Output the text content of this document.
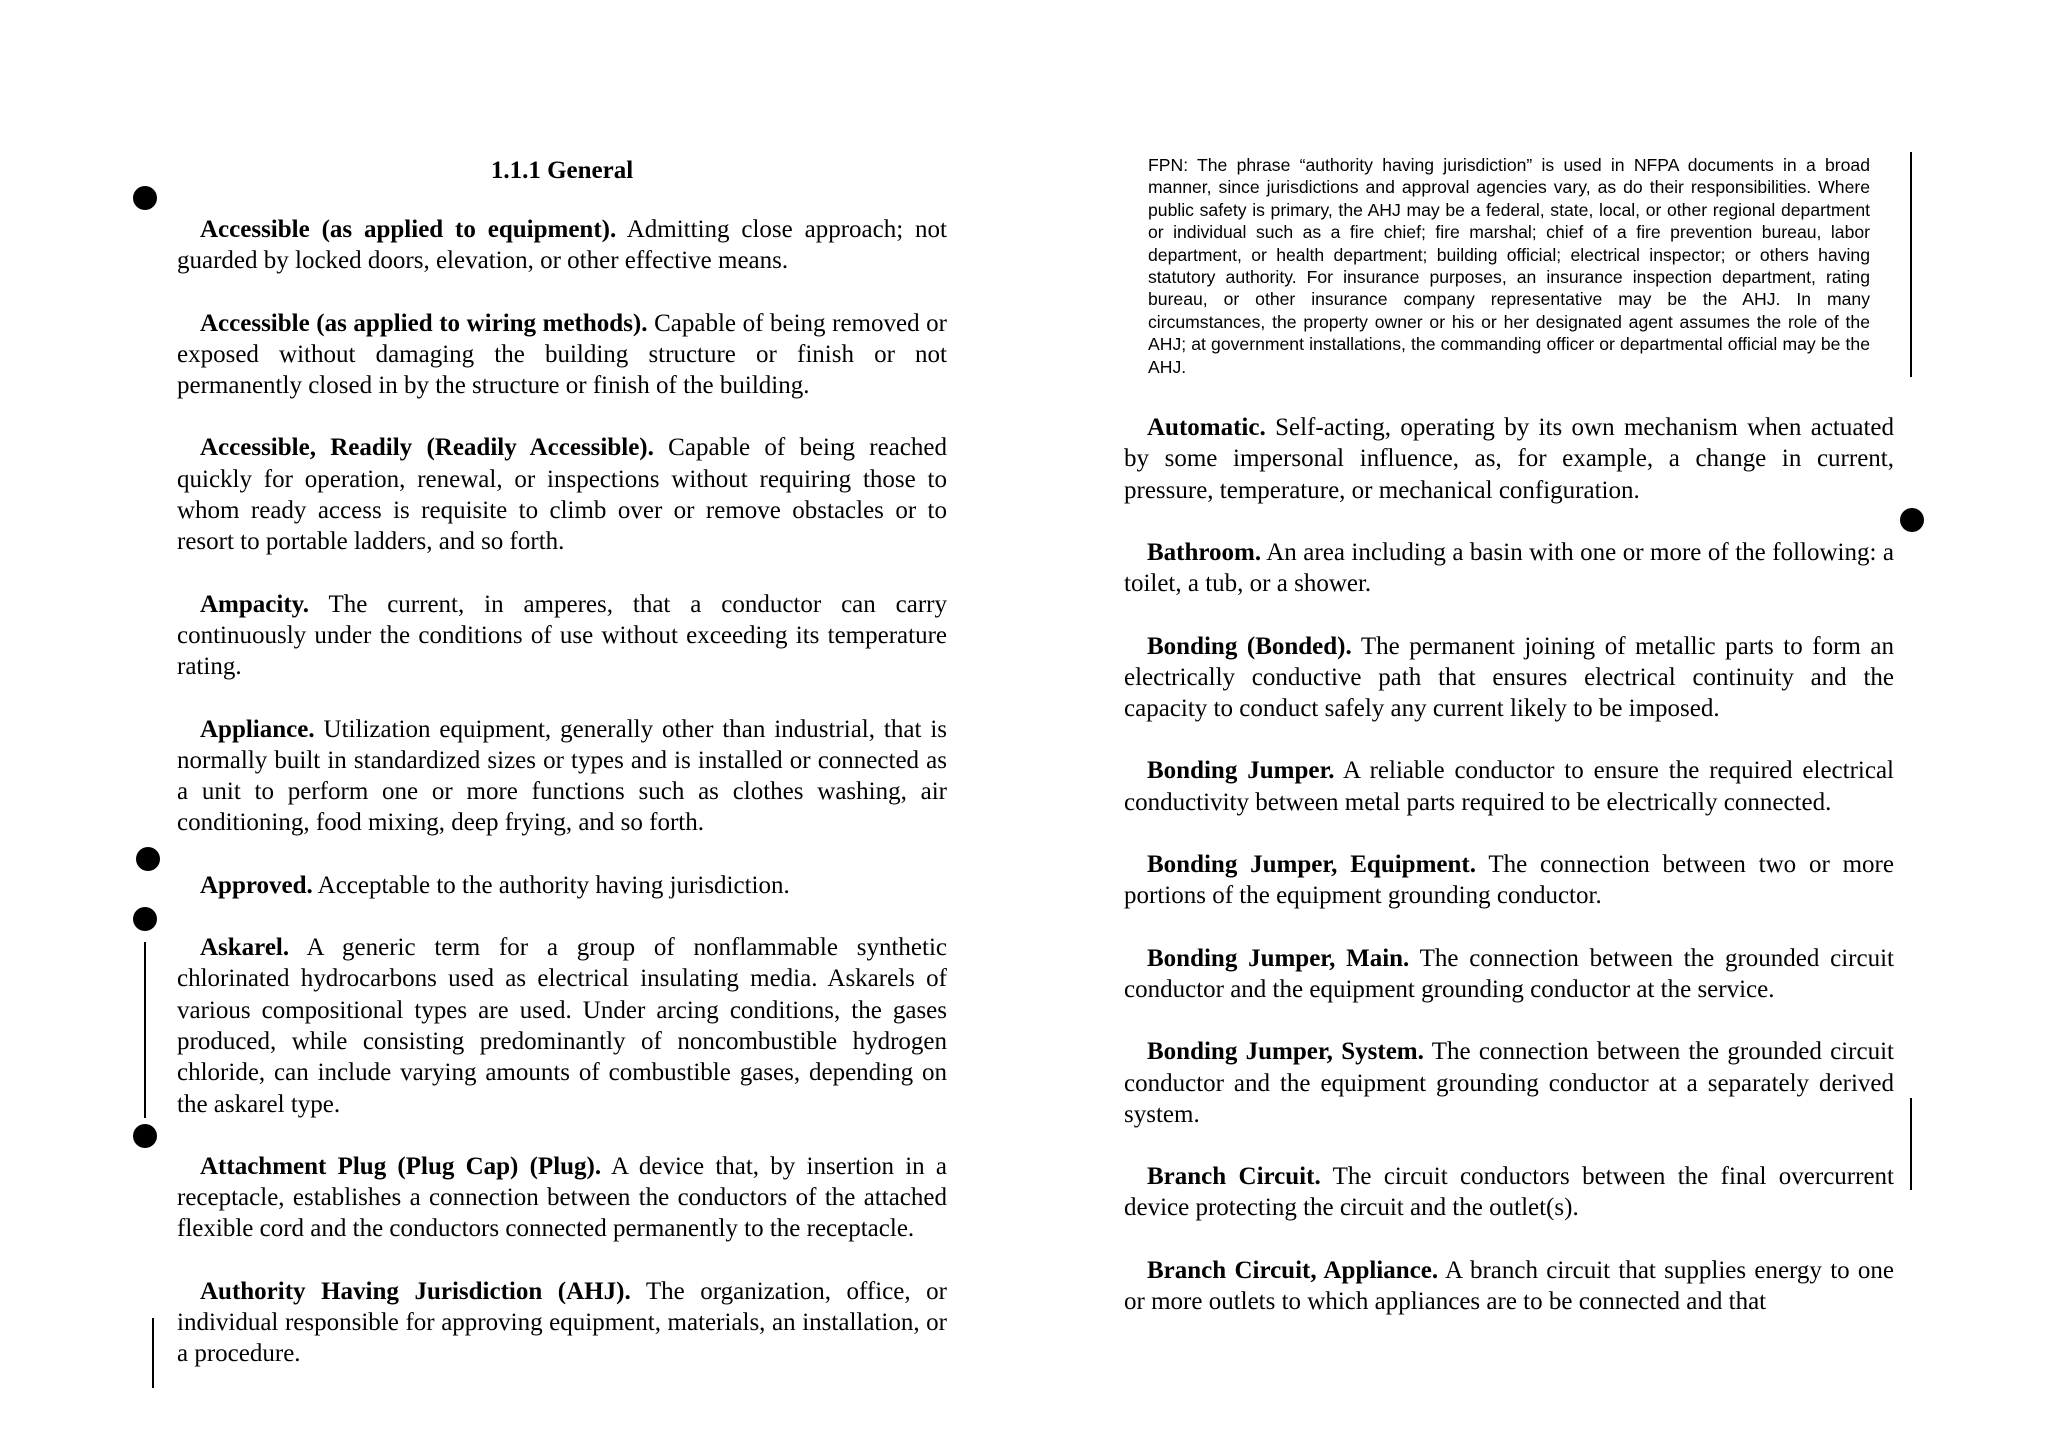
1.1.1 General

Accessible (as applied to equipment). Admitting close approach; not guarded by locked doors, elevation, or other effective means.

Accessible (as applied to wiring methods). Capable of being removed or exposed without damaging the building structure or finish or not permanently closed in by the structure or finish of the building.

Accessible, Readily (Readily Accessible). Capable of being reached quickly for operation, renewal, or inspections without requiring those to whom ready access is requisite to climb over or remove obstacles or to resort to portable ladders, and so forth.

Ampacity. The current, in amperes, that a conductor can carry continuously under the conditions of use without exceeding its temperature rating.

Appliance. Utilization equipment, generally other than industrial, that is normally built in standardized sizes or types and is installed or connected as a unit to perform one or more functions such as clothes washing, air conditioning, food mixing, deep frying, and so forth.

Approved. Acceptable to the authority having jurisdiction.

Askarel. A generic term for a group of nonflammable synthetic chlorinated hydrocarbons used as electrical insulating media. Askarels of various compositional types are used. Under arcing conditions, the gases produced, while consisting predominantly of noncombustible hydrogen chloride, can include varying amounts of combustible gases, depending on the askarel type.

Attachment Plug (Plug Cap) (Plug). A device that, by insertion in a receptacle, establishes a connection between the conductors of the attached flexible cord and the conductors connected permanently to the receptacle.

Authority Having Jurisdiction (AHJ). The organization, office, or individual responsible for approving equipment, materials, an installation, or a procedure.

FPN: The phrase “authority having jurisdiction” is used in NFPA documents in a broad manner, since jurisdictions and approval agencies vary, as do their responsibilities. Where public safety is primary, the AHJ may be a federal, state, local, or other regional department or individual such as a fire chief; fire marshal; chief of a fire prevention bureau, labor department, or health department; building official; electrical inspector; or others having statutory authority. For insurance purposes, an insurance inspection department, rating bureau, or other insurance company representative may be the AHJ. In many circumstances, the property owner or his or her designated agent assumes the role of the AHJ; at government installations, the commanding officer or departmental official may be the AHJ.

Automatic. Self-acting, operating by its own mechanism when actuated by some impersonal influence, as, for example, a change in current, pressure, temperature, or mechanical configuration.

Bathroom. An area including a basin with one or more of the following: a toilet, a tub, or a shower.

Bonding (Bonded). The permanent joining of metallic parts to form an electrically conductive path that ensures electrical continuity and the capacity to conduct safely any current likely to be imposed.

Bonding Jumper. A reliable conductor to ensure the required electrical conductivity between metal parts required to be electrically connected.

Bonding Jumper, Equipment. The connection between two or more portions of the equipment grounding conductor.

Bonding Jumper, Main. The connection between the grounded circuit conductor and the equipment grounding conductor at the service.

Bonding Jumper, System. The connection between the grounded circuit conductor and the equipment grounding conductor at a separately derived system.

Branch Circuit. The circuit conductors between the final overcurrent device protecting the circuit and the outlet(s).

Branch Circuit, Appliance. A branch circuit that supplies energy to one or more outlets to which appliances are to be connected and that
